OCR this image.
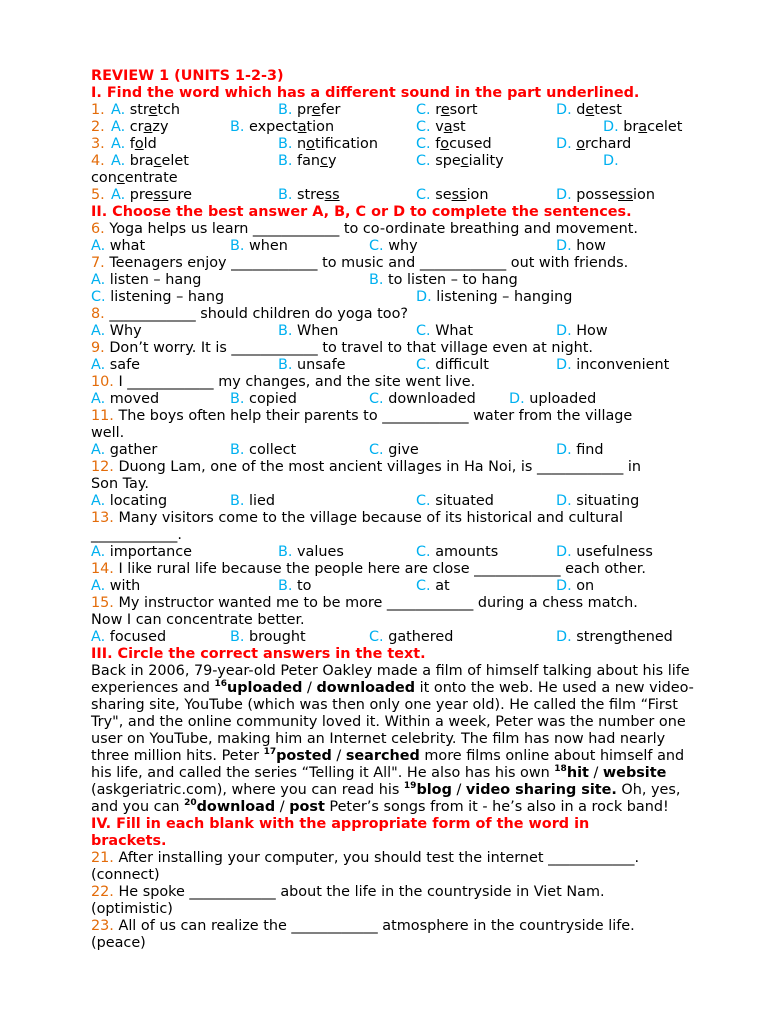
REVIEW 1 (UNITS 1-2-3)
I. Find the word which has a different sound in the part underlined.
1. A. stretch	B. prefer	C. resort	D. detest
2. A. crazy	B. expectation	C. vast	D. bracelet
3. A. fold	B. notification	C. focused	D. orchard
4. A. bracelet	B. fancy	C. speciality	D.
concentrate
5. A. pressure	B. stress	C. session	D. possession
II. Choose the best answer A, B, C or D to complete the sentences.
6. Yoga helps us learn ____________ to co-ordinate breathing and movement.
A. what	B. when	C. why	D. how
7. Teenagers enjoy ____________ to music and ____________ out with friends.
A. listen – hang	B. to listen – to hang
C. listening – hang	D. listening – hanging
8. ____________ should children do yoga too?
A. Why	B. When	C. What	D. How
9. Don’t worry. It is ____________ to travel to that village even at night.
A. safe	B. unsafe	C. difficult	D. inconvenient
10. I ____________ my changes, and the site went live.
A. moved	B. copied	C. downloaded D. uploaded
11. The boys often help their parents to ____________ water from the village
well.
A. gather	B. collect	C. give	D. find
12. Duong Lam, one of the most ancient villages in Ha Noi, is ____________ in
Son Tay.
A. locating	B. lied	C. situated	D. situating
13. Many visitors come to the village because of its historical and cultural
____________.
A. importance	B. values	C. amounts	D. usefulness
14. I like rural life because the people here are close ____________ each other.
A. with	B. to	C. at	D. on
15. My instructor wanted me to be more ____________ during a chess match.
Now I can concentrate better.
A. focused	B. brought	C. gathered	D. strengthened
III. Circle the correct answers in the text.
Back in 2006, 79-year-old Peter Oakley made a film of himself talking about his life experiences and $^{16}$uploaded / downloaded it onto the web. He used a new video-sharing site, YouTube (which was then only one year old). He called the film “First Try", and the online community loved it. Within a week, Peter was the number one user on YouTube, making him an Internet celebrity. The film has now had nearly three million hits. Peter $^{17}$posted / searched more films online about himself and his life, and called the series “Telling it All". He also has his own $^{18}$hit / website (askgeriatric.com), where you can read his $^{19}$blog / video sharing site. Oh, yes, and you can $^{20}$download / post Peter’s songs from it - he’s also in a rock band!
IV. Fill in each blank with the appropriate form of the word in brackets.
21. After installing your computer, you should test the internet ____________.
(connect)
22. He spoke ____________ about the life in the countryside in Viet Nam.
(optimistic)
23. All of us can realize the ____________ atmosphere in the countryside life.
(peace)
